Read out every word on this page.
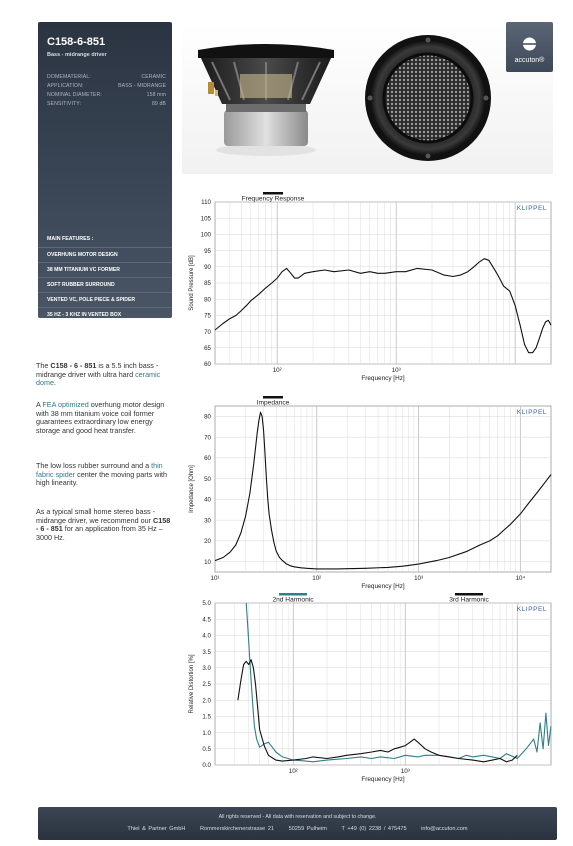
C158-6-851
Bass - midrange driver
DOMEMATERIAL:	CERAMIC
APPLICATION:	BASS - MIDRANGE
NOMINAL DIAMETER:	158 mm
SENSITIVITY:	89 dB
MAIN FEATURES :
OVERHUNG MOTOR DESIGN
38 MM TITANIUM VC FORMER
SOFT RUBBER SURROUND
VENTED VC, POLE PIECE & SPIDER
35 HZ - 3 KHZ IN VENTED BOX
accuton®
The C158 - 6 - 851 is a 5.5 inch bass - midrange driver with ultra hard ceramic dome.
A FEA optimized overhung motor design with 38 mm titanium voice coil former guarantees extraordinary low energy storage and good heat transfer.
The low loss rubber surround and a thin fabric spider center the moving parts with high linearity.
As a typical small home stereo bass - midrange driver, we recommend our C158 - 6 - 851 for an application from 35 Hz – 3000 Hz.
60
65
70
75
80
85
90
95
100
105
110
10²	10³
Frequency [Hz]
Sound Pressure [dB]
KLIPPEL
Frequency Response
10
20
30
40
50
60
70
80
10¹	10²	10³	10⁴
Frequency [Hz]
Impedance [Ohm]
KLIPPEL
Impedance
0.0
0.5
1.0
1.5
2.0
2.5
3.0
3.5
4.0
4.5
5.0
10²	10³
Frequency [Hz]
Relative Distortion [%]
KLIPPEL
2nd Harmonic	3rd Harmonic
All rights reserved - All data with reservation and subject to change.
Thiel & Partner GmbH	Rommerskirchenerstrasse 21	50259 Pulheim	T +49 (0) 2238 / 475475	info@accuton.com
